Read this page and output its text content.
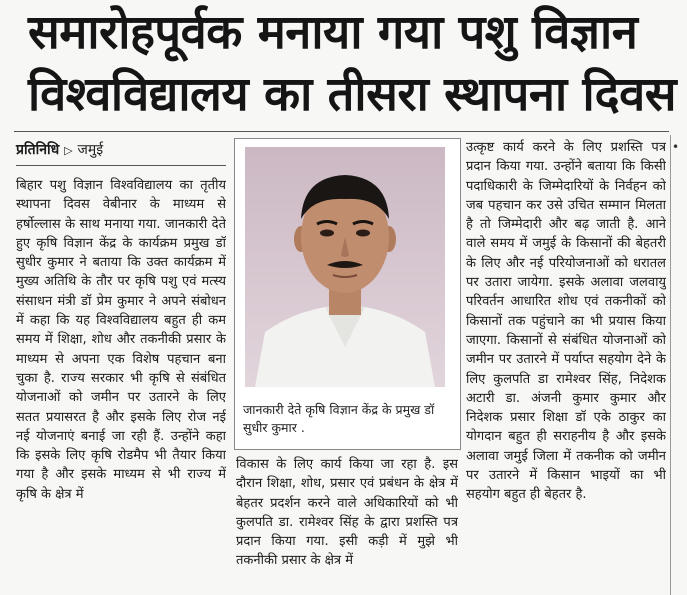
समारोहपूर्वक मनाया गया पशु विज्ञान
विश्वविद्यालय का तीसरा स्थापना दिवस
प्रतिनिधि ▷ जमुई

बिहार पशु विज्ञान विश्वविद्यालय का तृतीय स्थापना दिवस वेबीनार के माध्यम से हर्षोल्लास के साथ मनाया गया. जानकारी देते हुए कृषि विज्ञान केंद्र के कार्यक्रम प्रमुख डॉ सुधीर कुमार ने बताया कि उक्त कार्यक्रम में मुख्य अतिथि के तौर पर कृषि पशु एवं मत्स्य संसाधन मंत्री डॉ प्रेम कुमार ने अपने संबोधन में कहा कि यह विश्वविद्यालय बहुत ही कम समय में शिक्षा, शोध और तकनीकी प्रसार के माध्यम से अपना एक विशेष पहचान बना चुका है. राज्य सरकार भी कृषि से संबंधित योजनाओं को जमीन पर उतारने के लिए सतत प्रयासरत है और इसके लिए रोज नई नई योजनाएं बनाई जा रही हैं. उन्होंने कहा कि इसके लिए कृषि रोडमैप भी तैयार किया गया है और इसके माध्यम से भी राज्य में कृषि के क्षेत्र में

जानकारी देते कृषि विज्ञान केंद्र के प्रमुख डॉ सुधीर कुमार .

विकास के लिए कार्य किया जा रहा है. इस दौरान शिक्षा, शोध, प्रसार एवं प्रबंधन के क्षेत्र में बेहतर प्रदर्शन करने वाले अधिकारियों को भी कुलपति डा. रामेश्वर सिंह के द्वारा प्रशस्ति पत्र प्रदान किया गया. इसी कड़ी में मुझे भी तकनीकी प्रसार के क्षेत्र में

उत्कृष्ट कार्य करने के लिए प्रशस्ति पत्र प्रदान किया गया. उन्होंने बताया कि किसी पदाधिकारी के जिम्मेदारियों के निर्वहन को जब पहचान कर उसे उचित सम्मान मिलता है तो जिम्मेदारी और बढ़ जाती है. आने वाले समय में जमुई के किसानों की बेहतरी के लिए और नई परियोजनाओं को धरातल पर उतारा जायेगा. इसके अलावा जलवायु परिवर्तन आधारित शोध एवं तकनीकों को किसानों तक पहुंचाने का भी प्रयास किया जाएगा. किसानों से संबंधित योजनाओं को जमीन पर उतारने में पर्याप्त सहयोग देने के लिए कुलपति डा रामेश्वर सिंह, निदेशक अटारी डा. अंजनी कुमार कुमार और निदेशक प्रसार शिक्षा डॉ एके ठाकुर का योगदान बहुत ही सराहनीय है और इसके अलावा जमुई जिला में तकनीक को जमीन पर उतारने में किसान भाइयों का भी सहयोग बहुत ही बेहतर है.

•
